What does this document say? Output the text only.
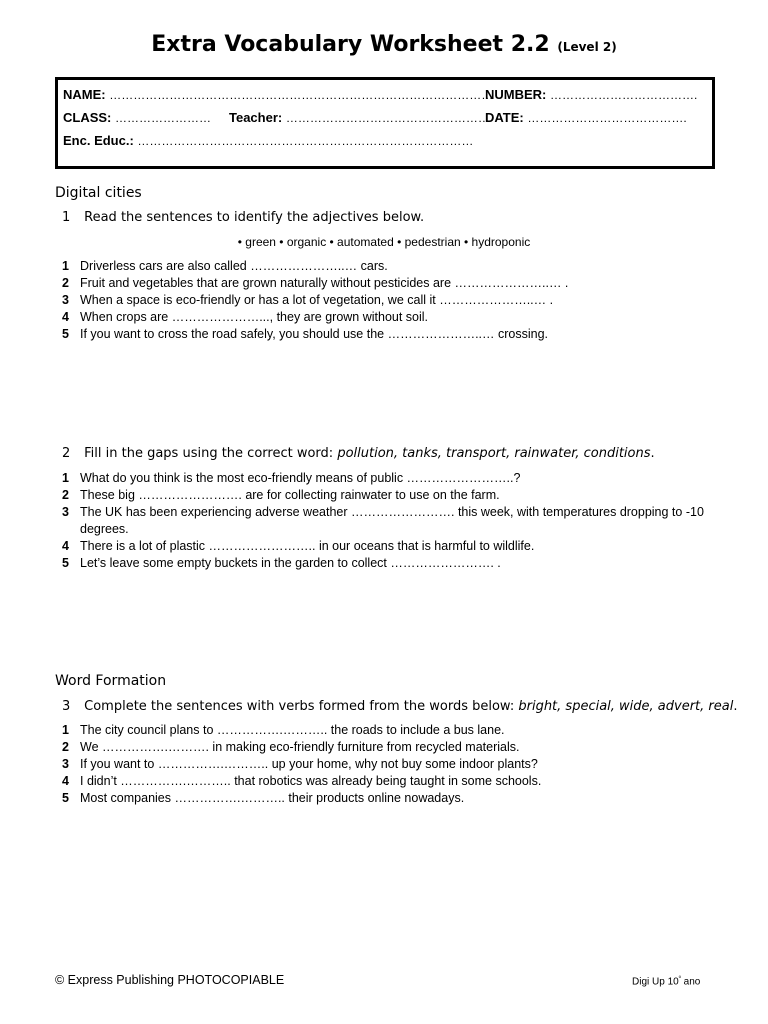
Extra Vocabulary Worksheet 2.2 (Level 2)
NAME: ……………………………………………………………………………………
NUMBER: ……………………………….
CLASS: …………………… Teacher: ……………………………………………
DATE: ………………………………….
Enc. Educ.: …………………………………………………………………………
Digital cities
1 Read the sentences to identify the adjectives below.
• green • organic • automated • pedestrian • hydroponic
1 Driverless cars are also called …………………..… cars.
2 Fruit and vegetables that are grown naturally without pesticides are …………………..… .
3 When a space is eco-friendly or has a lot of vegetation, we call it …………………..… .
4 When crops are …………………..., they are grown without soil.
5 If you want to cross the road safely, you should use the …………………..… crossing.
2 Fill in the gaps using the correct word: pollution, tanks, transport, rainwater, conditions.
1 What do you think is the most eco-friendly means of public ……………………..?
2 These big ……………………. are for collecting rainwater to use on the farm.
3 The UK has been experiencing adverse weather ……………………. this week, with temperatures dropping to -10 degrees.
4 There is a lot of plastic …………………….. in our oceans that is harmful to wildlife.
5 Let’s leave some empty buckets in the garden to collect ……………………. .
Word Formation
3 Complete the sentences with verbs formed from the words below: bright, special, wide, advert, real.
1 The city council plans to …………….……….. the roads to include a bus lane.
2 We …………….………. in making eco-friendly furniture from recycled materials.
3 If you want to …………….……….. up your home, why not buy some indoor plants?
4 I didn’t …………….……….. that robotics was already being taught in some schools.
5 Most companies …………….……….. their products online nowadays.
© Express Publishing PHOTOCOPIABLE	Digi Up $10^º$ ano
